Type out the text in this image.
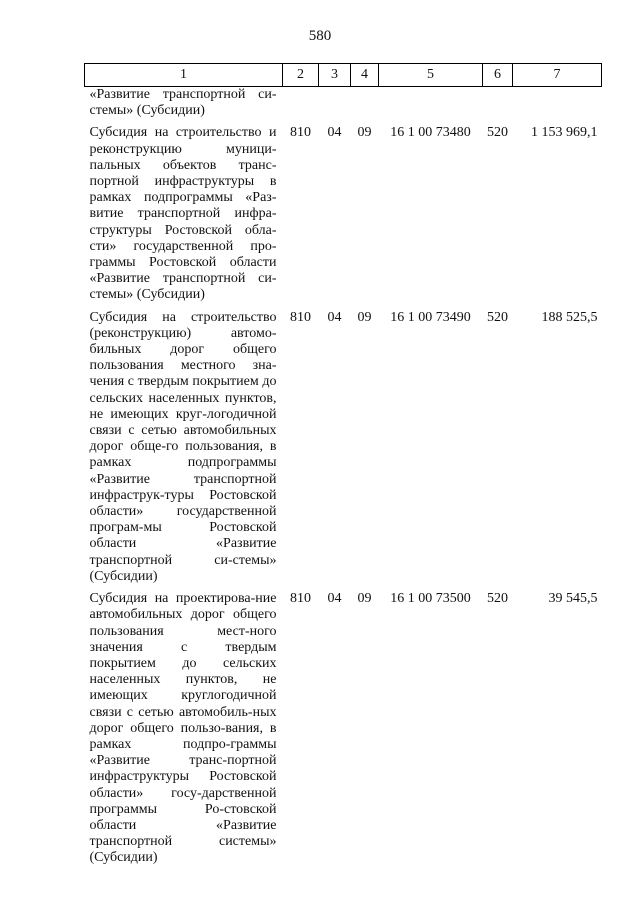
580
1	2	3	4	5	6	7
«Развитие транспортной си-стемы» (Субсидии)						
Субсидия на строительство и реконструкцию муници-пальных объектов транс-портной инфраструктуры в рамках подпрограммы «Раз-витие транспортной инфра-структуры Ростовской обла-сти» государственной про-граммы Ростовской области «Развитие транспортной си-стемы» (Субсидии)	810	04	09	16 1 00 73480	520	1 153 969,1
Субсидия на строительство (реконструкцию) автомо-бильных дорог общего пользования местного зна-чения с твердым покрытием до сельских населенных пунктов, не имеющих круг-логодичной связи с сетью автомобильных дорог обще-го пользования, в рамках подпрограммы «Развитие транспортной инфраструк-туры Ростовской области» государственной програм-мы Ростовской области «Развитие транспортной си-стемы» (Субсидии)	810	04	09	16 1 00 73490	520	188 525,5
Субсидия на проектирова-ние автомобильных дорог общего пользования мест-ного значения с твердым покрытием до сельских населенных пунктов, не имеющих круглогодичной связи с сетью автомобиль-ных дорог общего пользо-вания, в рамках подпро-граммы «Развитие транс-портной инфраструктуры Ростовской области» госу-дарственной программы Ро-стовской области «Развитие транспортной системы» (Субсидии)	810	04	09	16 1 00 73500	520	39 545,5
